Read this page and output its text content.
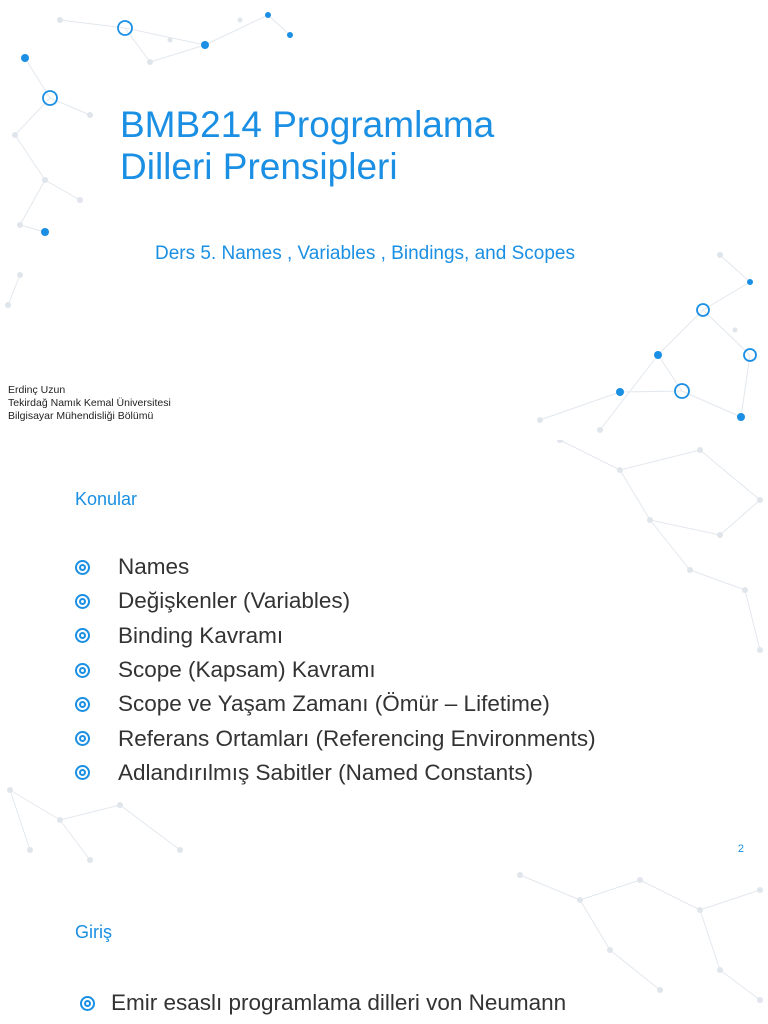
BMB214 Programlama
Dilleri Prensipleri

Ders 5. Names , Variables , Bindings, and Scopes

Erdinç Uzun
Tekirdağ Namık Kemal Üniversitesi
Bilgisayar Mühendisliği Bölümü
Konular
Names
Değişkenler (Variables)
Binding Kavramı
Scope (Kapsam) Kavramı
Scope ve Yaşam Zamanı (Ömür – Lifetime)
Referans Ortamları (Referencing Environments)
Adlandırılmış Sabitler (Named Constants)
2
Giriş
Emir esaslı programlama dilleri von Neumann
